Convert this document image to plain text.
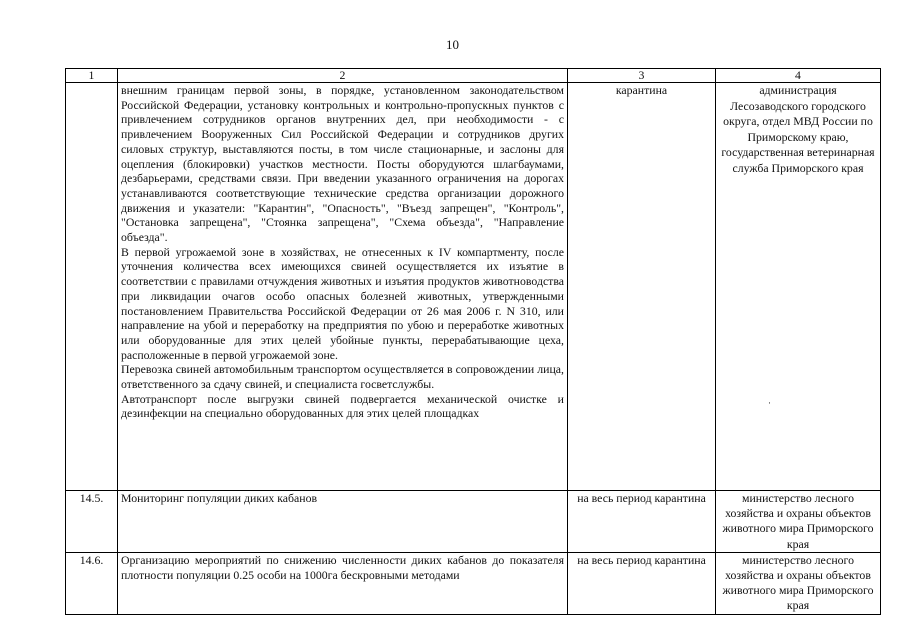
10
1	2	3	4

	внешним границам первой зоны, в порядке, установленном законодательством Российской Федерации, установку контрольных и контрольно-пропускных пунктов с привлечением сотрудников органов внутренних дел, при необходимости - с привлечением Вооруженных Сил Российской Федерации и сотрудников других силовых структур, выставляются посты, в том числе стационарные, и заслоны для оцепления (блокировки) участков местности. Посты оборудуются шлагбаумами, дезбарьерами, средствами связи. При введении указанного ограничения на дорогах устанавливаются соответствующие технические средства организации дорожного движения и указатели: "Карантин", "Опасность", "Въезд запрещен", "Контроль", "Остановка запрещена", "Стоянка запрещена", "Схема объезда", "Направление объезда".

В первой угрожаемой зоне в хозяйствах, не отнесенных к IV компартменту, после уточнения количества всех имеющихся свиней осуществляется их изъятие в соответствии с правилами отчуждения животных и изъятия продуктов животноводства при ликвидации очагов особо опасных болезней животных, утвержденными постановлением Правительства Российской Федерации от 26 мая 2006 г. N 310, или направление на убой и переработку на предприятия по убою и переработке животных или оборудованные для этих целей убойные пункты, перерабатывающие цеха, расположенные в первой угрожаемой зоне.

Перевозка свиней автомобильным транспортом осуществляется в сопровождении лица, ответственного за сдачу свиней, и специалиста госветслужбы.

Автотранспорт после выгрузки свиней подвергается механической очистке и дезинфекции на специально оборудованных для этих целей площадках	карантина	администрация Лесозаводского городского округа, отдел МВД России по Приморскому краю, государственная ветеринарная служба Приморского края
14.5.	Мониторинг популяции диких кабанов	на весь период карантина	министерство лесного хозяйства и охраны объектов животного мира Приморского края
14.6.	Организацию мероприятий по снижению численности диких кабанов до показателя плотности популяции 0.25 особи на 1000га бескровными методами	на весь период карантина	министерство лесного хозяйства и охраны объектов животного мира Приморского края
·
